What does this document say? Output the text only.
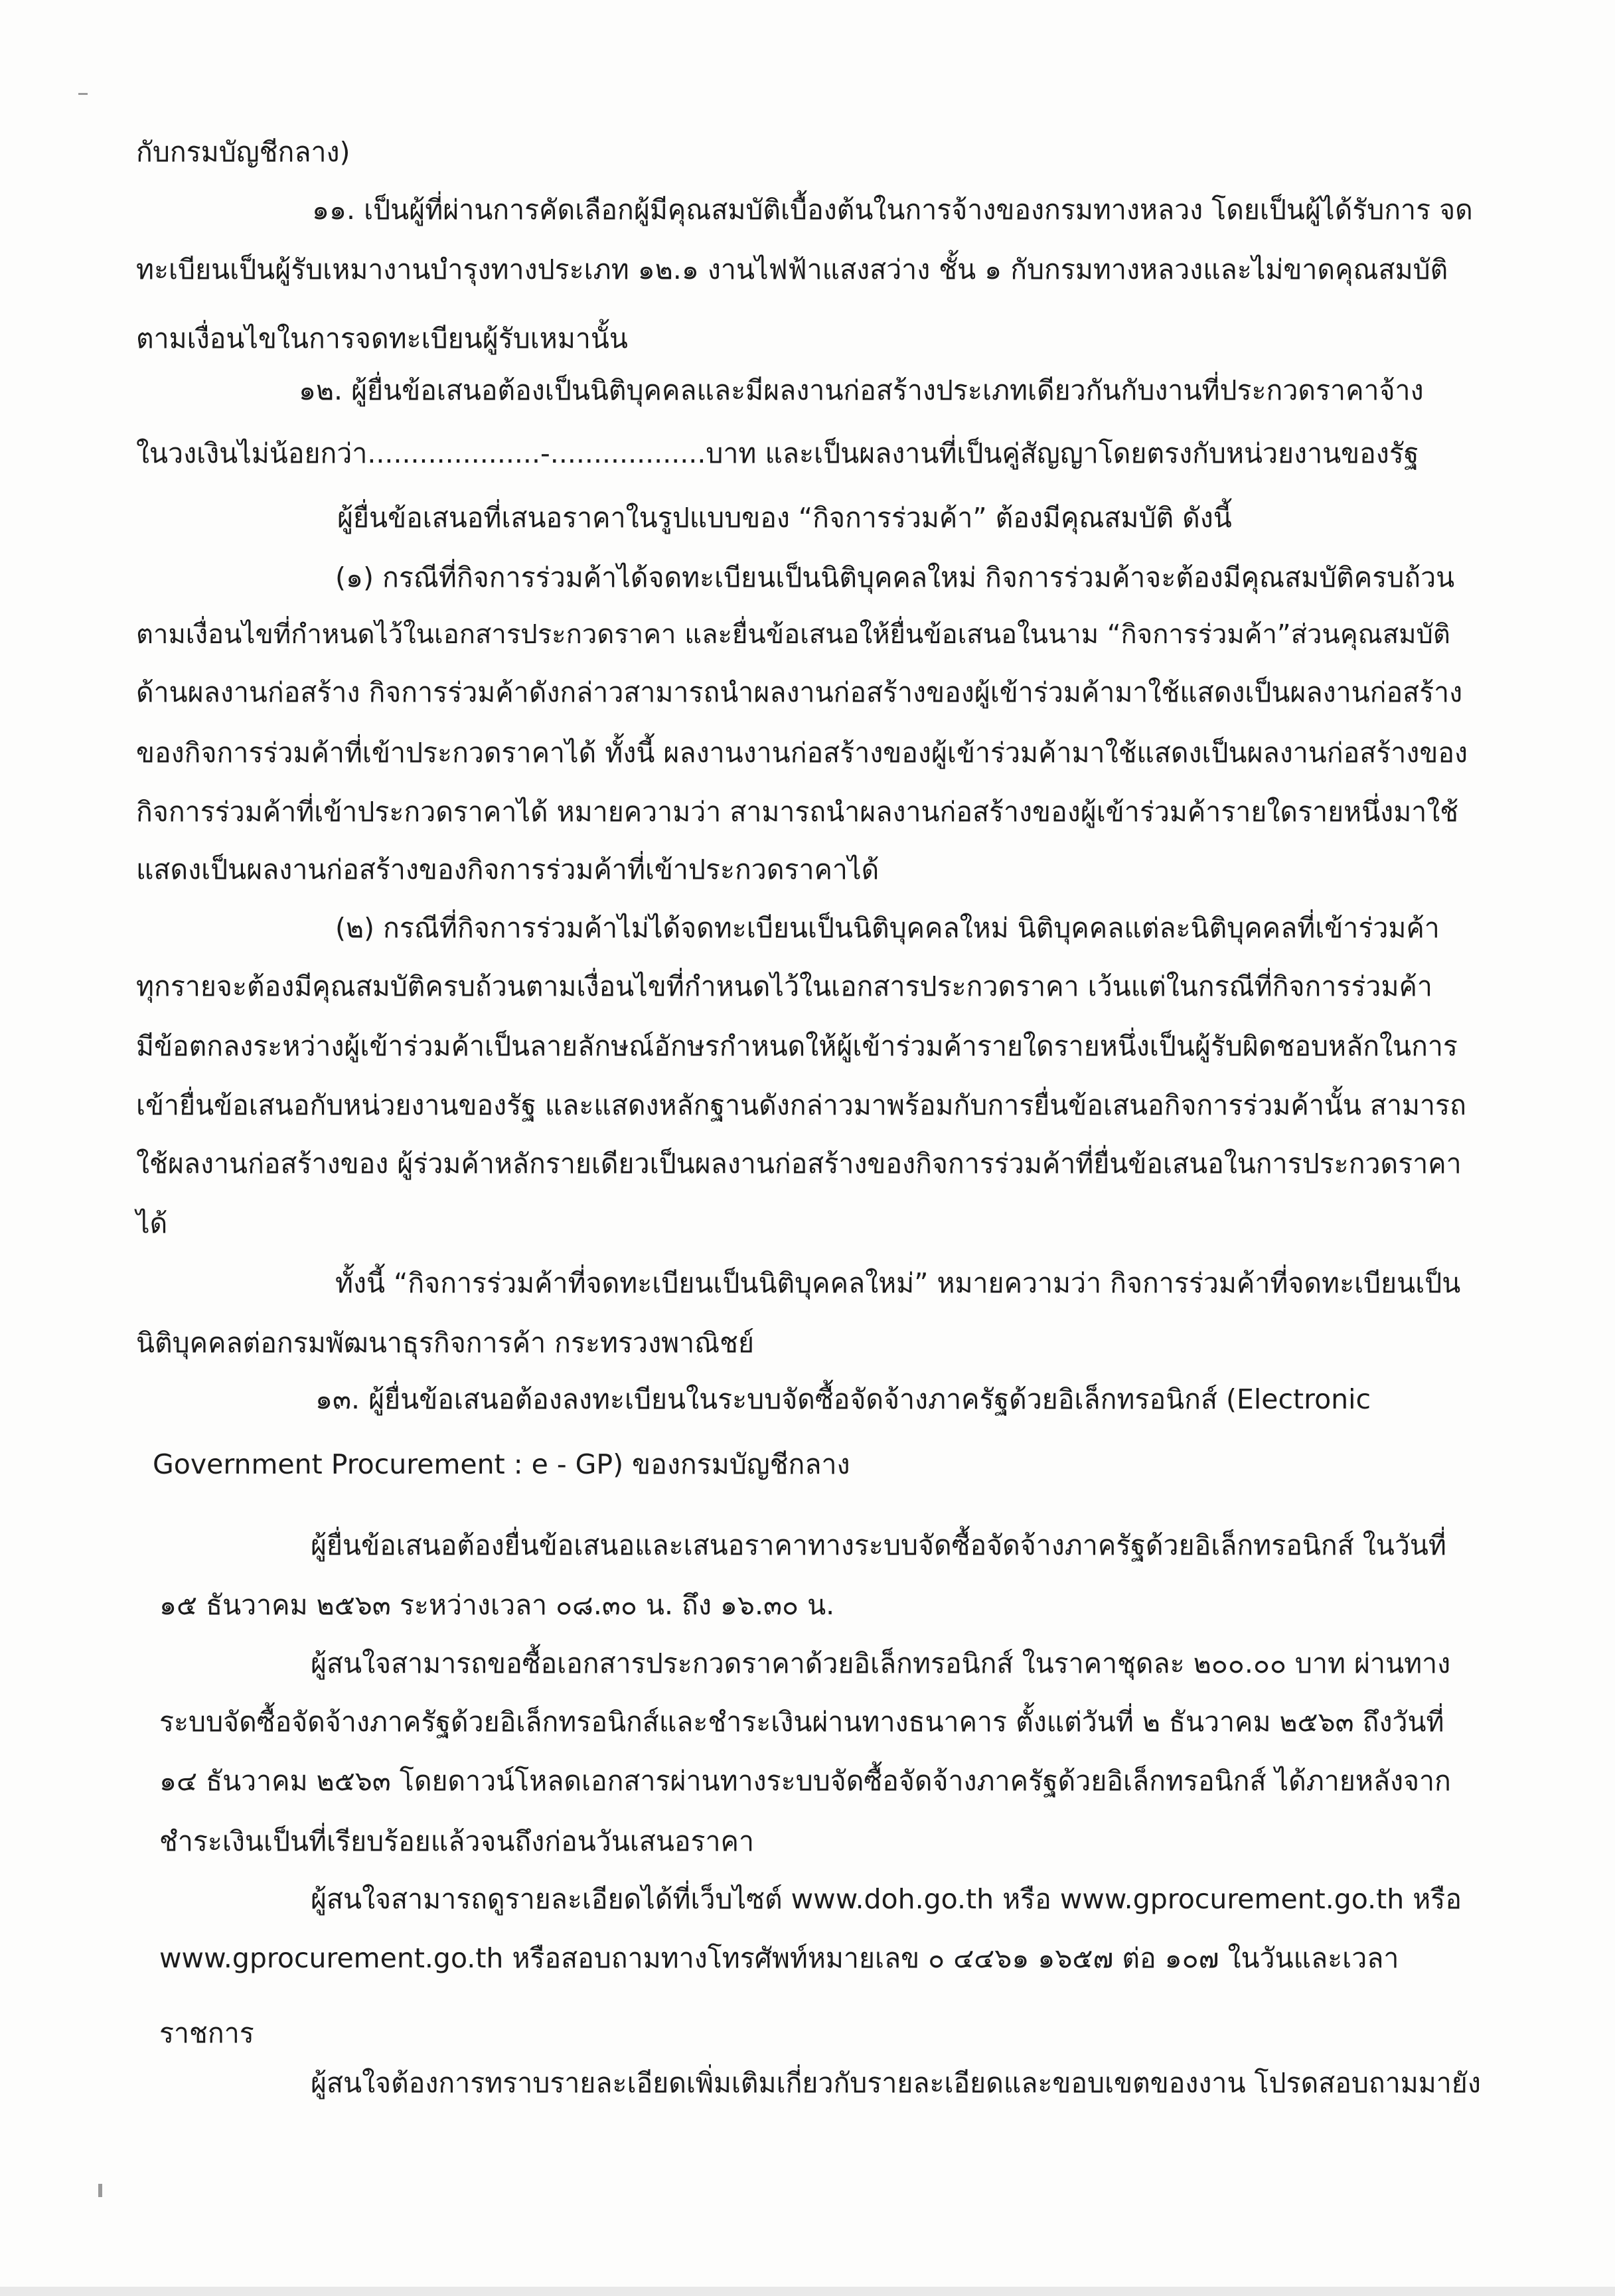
กับกรมบัญชีกลาง)
๑๑. เป็นผู้ที่ผ่านการคัดเลือกผู้มีคุณสมบัติเบื้องต้นในการจ้างของกรมทางหลวง โดยเป็นผู้ได้รับการ จด
ทะเบียนเป็นผู้รับเหมางานบำรุงทางประเภท ๑๒.๑ งานไฟฟ้าแสงสว่าง ชั้น ๑ กับกรมทางหลวงและไม่ขาดคุณสมบัติ
ตามเงื่อนไขในการจดทะเบียนผู้รับเหมานั้น
๑๒. ผู้ยื่นข้อเสนอต้องเป็นนิติบุคคลและมีผลงานก่อสร้างประเภทเดียวกันกับงานที่ประกวดราคาจ้าง
ในวงเงินไม่น้อยกว่า....................-..................บาท และเป็นผลงานที่เป็นคู่สัญญาโดยตรงกับหน่วยงานของรัฐ
ผู้ยื่นข้อเสนอที่เสนอราคาในรูปแบบของ “กิจการร่วมค้า” ต้องมีคุณสมบัติ ดังนี้
(๑) กรณีที่กิจการร่วมค้าได้จดทะเบียนเป็นนิติบุคคลใหม่ กิจการร่วมค้าจะต้องมีคุณสมบัติครบถ้วน
ตามเงื่อนไขที่กำหนดไว้ในเอกสารประกวดราคา และยื่นข้อเสนอให้ยื่นข้อเสนอในนาม “กิจการร่วมค้า”ส่วนคุณสมบัติ
ด้านผลงานก่อสร้าง กิจการร่วมค้าดังกล่าวสามารถนำผลงานก่อสร้างของผู้เข้าร่วมค้ามาใช้แสดงเป็นผลงานก่อสร้าง
ของกิจการร่วมค้าที่เข้าประกวดราคาได้ ทั้งนี้ ผลงานงานก่อสร้างของผู้เข้าร่วมค้ามาใช้แสดงเป็นผลงานก่อสร้างของ
กิจการร่วมค้าที่เข้าประกวดราคาได้ หมายความว่า สามารถนำผลงานก่อสร้างของผู้เข้าร่วมค้ารายใดรายหนึ่งมาใช้
แสดงเป็นผลงานก่อสร้างของกิจการร่วมค้าที่เข้าประกวดราคาได้
(๒) กรณีที่กิจการร่วมค้าไม่ได้จดทะเบียนเป็นนิติบุคคลใหม่ นิติบุคคลแต่ละนิติบุคคลที่เข้าร่วมค้า
ทุกรายจะต้องมีคุณสมบัติครบถ้วนตามเงื่อนไขที่กำหนดไว้ในเอกสารประกวดราคา เว้นแต่ในกรณีที่กิจการร่วมค้า
มีข้อตกลงระหว่างผู้เข้าร่วมค้าเป็นลายลักษณ์อักษรกำหนดให้ผู้เข้าร่วมค้ารายใดรายหนึ่งเป็นผู้รับผิดชอบหลักในการ
เข้ายื่นข้อเสนอกับหน่วยงานของรัฐ และแสดงหลักฐานดังกล่าวมาพร้อมกับการยื่นข้อเสนอกิจการร่วมค้านั้น สามารถ
ใช้ผลงานก่อสร้างของ ผู้ร่วมค้าหลักรายเดียวเป็นผลงานก่อสร้างของกิจการร่วมค้าที่ยื่นข้อเสนอในการประกวดราคา
ได้
ทั้งนี้ “กิจการร่วมค้าที่จดทะเบียนเป็นนิติบุคคลใหม่” หมายความว่า กิจการร่วมค้าที่จดทะเบียนเป็น
นิติบุคคลต่อกรมพัฒนาธุรกิจการค้า กระทรวงพาณิชย์
๑๓. ผู้ยื่นข้อเสนอต้องลงทะเบียนในระบบจัดซื้อจัดจ้างภาครัฐด้วยอิเล็กทรอนิกส์ (Electronic
Government Procurement : e - GP) ของกรมบัญชีกลาง
ผู้ยื่นข้อเสนอต้องยื่นข้อเสนอและเสนอราคาทางระบบจัดซื้อจัดจ้างภาครัฐด้วยอิเล็กทรอนิกส์ ในวันที่
๑๕ ธันวาคม ๒๕๖๓ ระหว่างเวลา ๐๘.๓๐ น. ถึง ๑๖.๓๐ น.
ผู้สนใจสามารถขอซื้อเอกสารประกวดราคาด้วยอิเล็กทรอนิกส์ ในราคาชุดละ ๒๐๐.๐๐ บาท ผ่านทาง
ระบบจัดซื้อจัดจ้างภาครัฐด้วยอิเล็กทรอนิกส์และชำระเงินผ่านทางธนาคาร ตั้งแต่วันที่ ๒ ธันวาคม ๒๕๖๓ ถึงวันที่
๑๔ ธันวาคม ๒๕๖๓ โดยดาวน์โหลดเอกสารผ่านทางระบบจัดซื้อจัดจ้างภาครัฐด้วยอิเล็กทรอนิกส์ ได้ภายหลังจาก
ชำระเงินเป็นที่เรียบร้อยแล้วจนถึงก่อนวันเสนอราคา
ผู้สนใจสามารถดูรายละเอียดได้ที่เว็บไซต์ www.doh.go.th หรือ www.gprocurement.go.th หรือ
www.gprocurement.go.th หรือสอบถามทางโทรศัพท์หมายเลข ๐ ๔๔๖๑ ๑๖๕๗ ต่อ ๑๐๗ ในวันและเวลา
ราชการ
ผู้สนใจต้องการทราบรายละเอียดเพิ่มเติมเกี่ยวกับรายละเอียดและขอบเขตของงาน โปรดสอบถามมายัง
